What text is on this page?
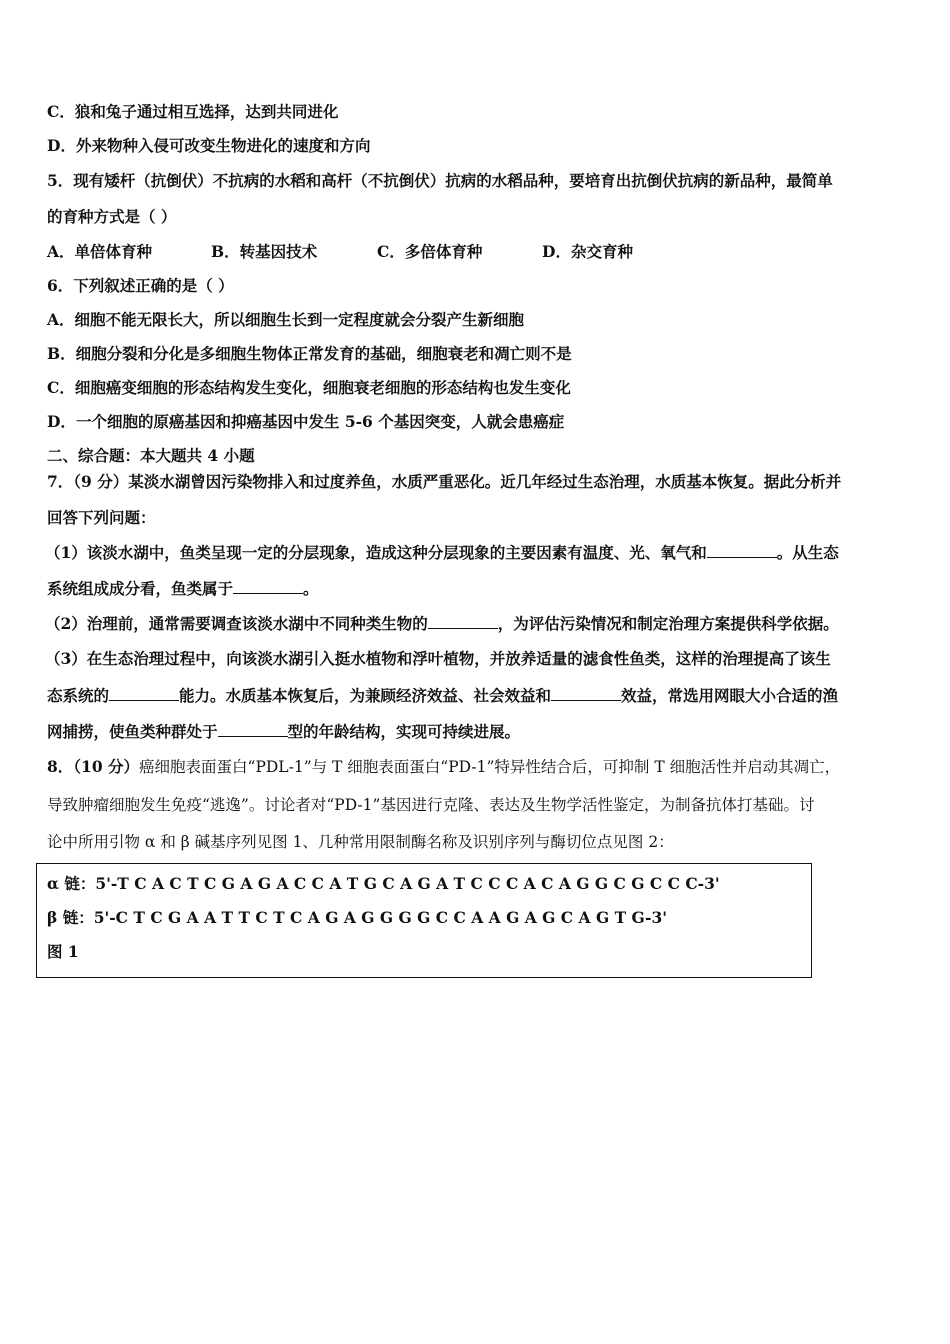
C．狼和兔子通过相互选择，达到共同进化
D．外来物种入侵可改变生物进化的速度和方向
5．现有矮杆（抗倒伏）不抗病的水稻和高杆（不抗倒伏）抗病的水稻品种，要培育出抗倒伏抗病的新品种，最简单
的育种方式是（ ）
A．单倍体育种	B．转基因技术	C．多倍体育种	D．杂交育种
6．下列叙述正确的是（ ）
A．细胞不能无限长大，所以细胞生长到一定程度就会分裂产生新细胞
B．细胞分裂和分化是多细胞生物体正常发育的基础，细胞衰老和凋亡则不是
C．细胞癌变细胞的形态结构发生变化，细胞衰老细胞的形态结构也发生变化
D．一个细胞的原癌基因和抑癌基因中发生 5-6 个基因突变，人就会患癌症
二、综合题：本大题共 4 小题
7．（9 分）某淡水湖曾因污染物排入和过度养鱼，水质严重恶化。近几年经过生态治理，水质基本恢复。据此分析并
回答下列问题：
（1）该淡水湖中，鱼类呈现一定的分层现象，造成这种分层现象的主要因素有温度、光、氧气和	。从生态
系统组成成分看，鱼类属于	。
（2）治理前，通常需要调查该淡水湖中不同种类生物的	，为评估污染情况和制定治理方案提供科学依据。
（3）在生态治理过程中，向该淡水湖引入挺水植物和浮叶植物，并放养适量的滤食性鱼类，这样的治理提高了该生
态系统的	能力。水质基本恢复后，为兼顾经济效益、社会效益和	效益，常选用网眼大小合适的渔
网捕捞，使鱼类种群处于	型的年龄结构，实现可持续进展。
8．（10 分）癌细胞表面蛋白“PDL-1”与 T 细胞表面蛋白“PD-1”特异性结合后，可抑制 T 细胞活性并启动其凋亡，
导致肿瘤细胞发生免疫“逃逸”。讨论者对“PD-1”基因进行克隆、表达及生物学活性鉴定，为制备抗体打基础。讨
论中所用引物 α 和 β 碱基序列见图 1、几种常用限制酶名称及识别序列与酶切位点见图 2：
α 链：5'-T C A C T C G A G A C C A T G C A G A T C C C A C A G G C G C C C-3'
β 链：5'-C T C G A A T T C T C A G A G G G G C C A A G A G C A G T G-3'
图 1
